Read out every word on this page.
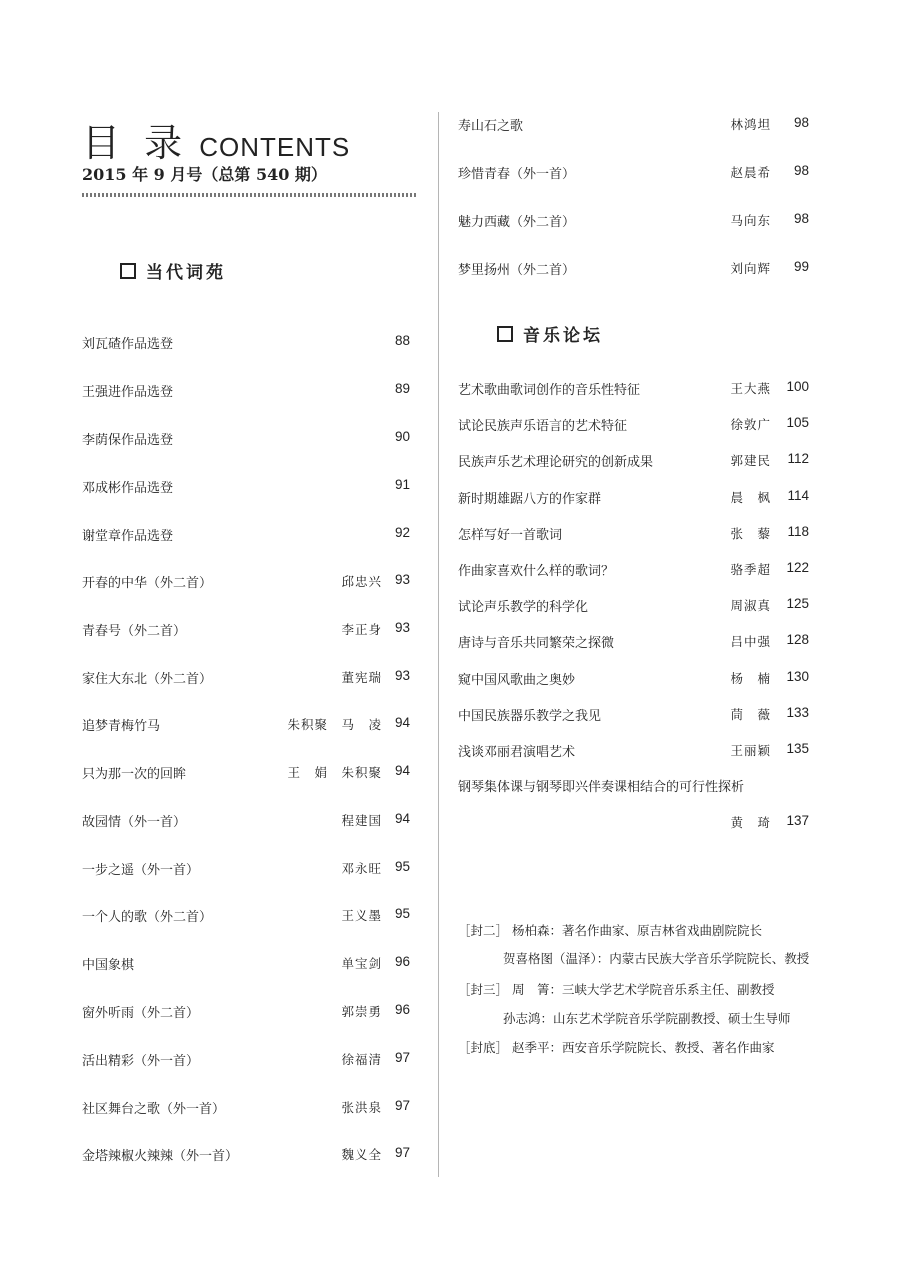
目 录 CONTENTS
2015 年 9 月号（总第 540 期）
当代词苑
刘瓦碴作品选登	88
王强进作品选登	89
李荫保作品选登	90
邓成彬作品选登	91
谢堂章作品选登	92
开春的中华（外二首）	邱忠兴 93
青春号（外二首）	李正身 93
家住大东北（外二首）	董宪瑞 93
追梦青梅竹马	朱积聚　马　凌 94
只为那一次的回眸	王　娟　朱积聚 94
故园情（外一首）	程建国 94
一步之遥（外一首）	邓永旺 95
一个人的歌（外二首）	王义墨 95
中国象棋	单宝剑 96
窗外听雨（外二首）	郭崇勇 96
活出精彩（外一首）	徐福清 97
社区舞台之歌（外一首）	张洪泉 97
金塔辣椒火辣辣（外一首）	魏义全 97
寿山石之歌	林鸿坦 98
珍惜青春（外一首）	赵晨希 98
魅力西藏（外二首）	马向东 98
梦里扬州（外二首）	刘向辉 99
音乐论坛
艺术歌曲歌词创作的音乐性特征	王大燕 100
试论民族声乐语言的艺术特征	徐敦广 105
民族声乐艺术理论研究的创新成果	郭建民 112
新时期雄踞八方的作家群	晨　枫 114
怎样写好一首歌词	张　藜 118
作曲家喜欢什么样的歌词？	骆季超 122
试论声乐教学的科学化	周淑真 125
唐诗与音乐共同繁荣之探微	吕中强 128
窥中国风歌曲之奥妙	杨　楠 130
中国民族器乐教学之我见	茼　薇 133
浅谈邓丽君演唱艺术	王丽颖 135
钢琴集体课与钢琴即兴伴奏课相结合的可行性探析
黄　琦 137
［封二］ 杨柏森：著名作曲家、原吉林省戏曲剧院院长
贺喜格图（温泽）：内蒙古民族大学音乐学院院长、教授
［封三］ 周　箐：三峡大学艺术学院音乐系主任、副教授
孙志鸿：山东艺术学院音乐学院副教授、硕士生导师
［封底］ 赵季平：西安音乐学院院长、教授、著名作曲家
